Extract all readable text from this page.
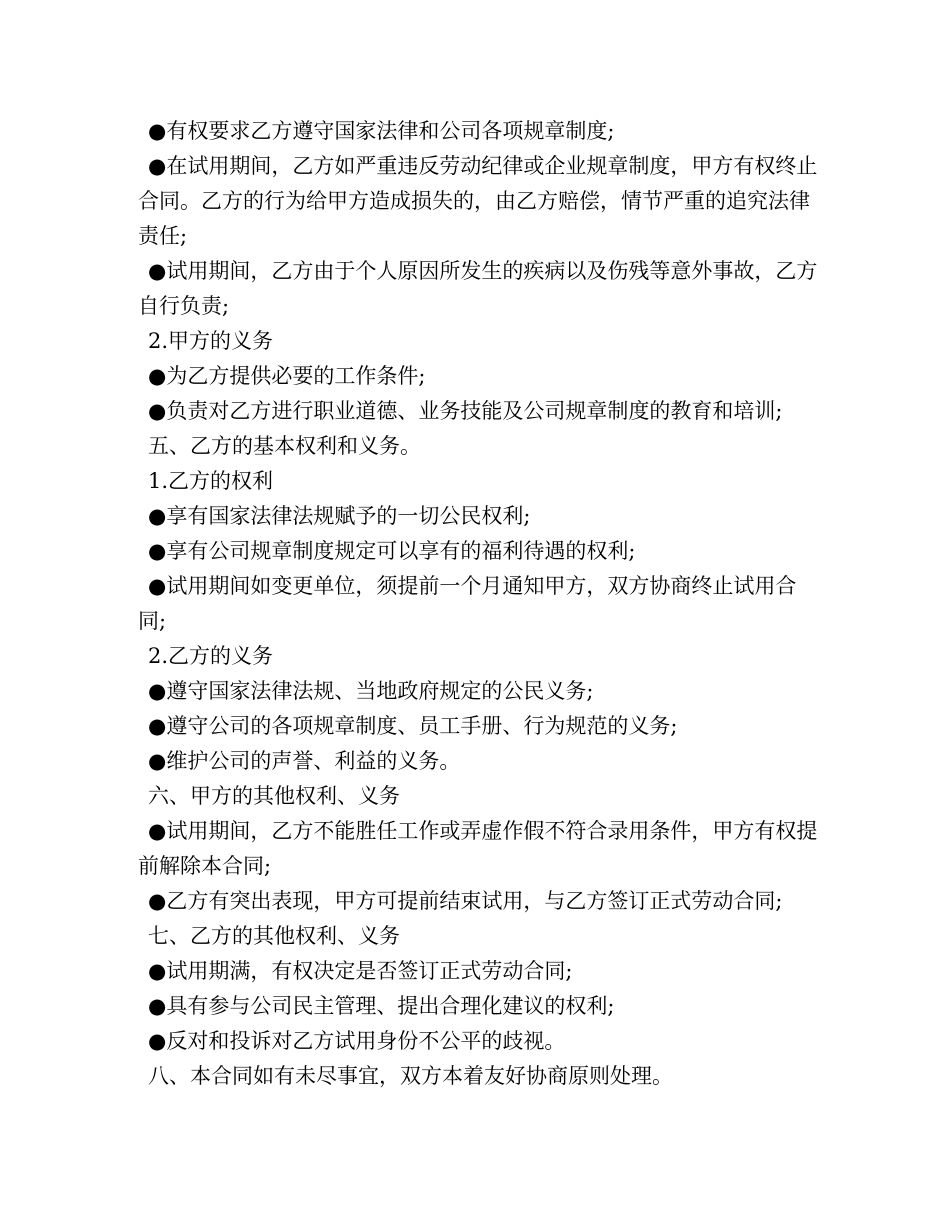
●有权要求乙方遵守国家法律和公司各项规章制度;

●在试用期间，乙方如严重违反劳动纪律或企业规章制度，甲方有权终止合同。乙方的行为给甲方造成损失的，由乙方赔偿，情节严重的追究法律责任;

●试用期间，乙方由于个人原因所发生的疾病以及伤残等意外事故，乙方自行负责;

2.甲方的义务

●为乙方提供必要的工作条件;

●负责对乙方进行职业道德、业务技能及公司规章制度的教育和培训;

五、乙方的基本权利和义务。

1.乙方的权利

●享有国家法律法规赋予的一切公民权利;

●享有公司规章制度规定可以享有的福利待遇的权利;

●试用期间如变更单位，须提前一个月通知甲方，双方协商终止试用合同;

2.乙方的义务

●遵守国家法律法规、当地政府规定的公民义务;

●遵守公司的各项规章制度、员工手册、行为规范的义务;

●维护公司的声誉、利益的义务。

六、甲方的其他权利、义务

●试用期间，乙方不能胜任工作或弄虚作假不符合录用条件，甲方有权提前解除本合同;

●乙方有突出表现，甲方可提前结束试用，与乙方签订正式劳动合同;

七、乙方的其他权利、义务

●试用期满，有权决定是否签订正式劳动合同;

●具有参与公司民主管理、提出合理化建议的权利;

●反对和投诉对乙方试用身份不公平的歧视。

八、本合同如有未尽事宜，双方本着友好协商原则处理。
